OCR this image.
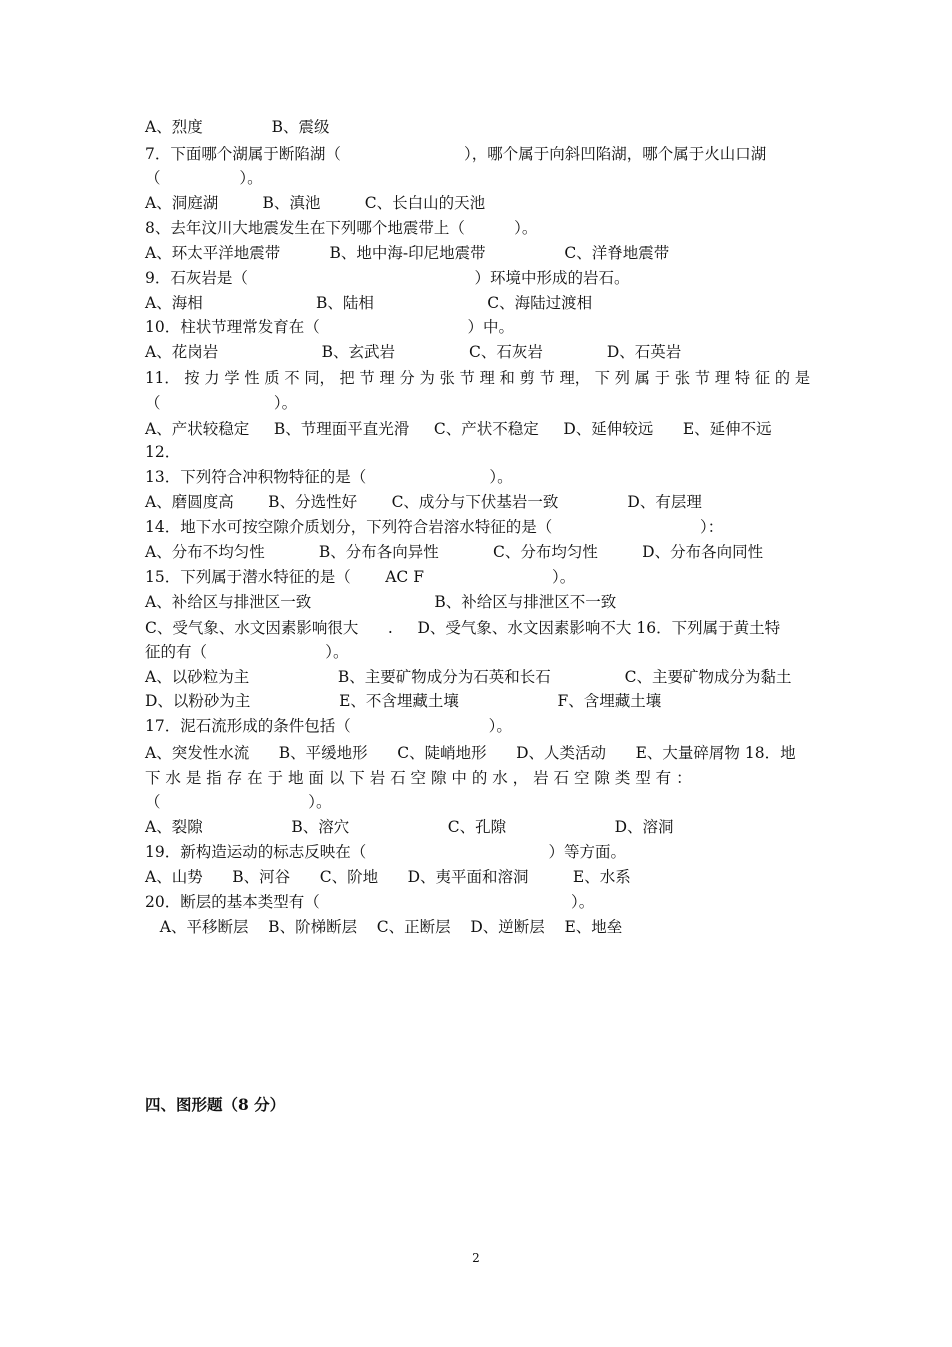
A、烈度              B、震级
7．下面哪个湖属于断陷湖（                         ），哪个属于向斜凹陷湖，哪个属于火山口湖
（                ）。
A、洞庭湖         B、滇池         C、长白山的天池
8、去年汶川大地震发生在下列哪个地震带上（          ）。
A、环太平洋地震带          B、地中海-印尼地震带                C、洋脊地震带
9．石灰岩是（                                              ）环境中形成的岩石。
A、海相                       B、陆相                       C、海陆过渡相
10．柱状节理常发育在（                              ）中。
A、花岗岩                     B、玄武岩               C、石灰岩             D、石英岩
11． 按 力 学 性 质 不 同， 把 节 理 分 为 张 节 理 和 剪 节 理， 下 列 属 于 张 节 理 特 征 的 是
（                       ）。
A、产状较稳定     B、节理面平直光滑     C、产状不稳定     D、延伸较远      E、延伸不远
12．
13．下列符合冲积物特征的是（                         ）。
A、磨圆度高       B、分选性好       C、成分与下伏基岩一致              D、有层理
14．地下水可按空隙介质划分，下列符合岩溶水特征的是（                              ）：
A、分布不均匀性           B、分布各向异性           C、分布均匀性         D、分布各向同性
15．下列属于潜水特征的是（       AC F                          ）。
A、补给区与排泄区一致                         B、补给区与排泄区不一致
C、受气象、水文因素影响很大      .     D、受气象、水文因素影响不大 16．下列属于黄土特
征的有（                        ）。
A、以砂粒为主                  B、主要矿物成分为石英和长石               C、主要矿物成分为黏土
D、以粉砂为主                  E、不含埋藏土壤                    F、含埋藏土壤
17．泥石流形成的条件包括（                            ）。
A、突发性水流      B、平缓地形      C、陡峭地形      D、人类活动      E、大量碎屑物 18．地
下 水 是 指 存 在 于 地 面 以 下 岩 石 空 隙 中 的 水 ， 岩 石 空 隙 类 型 有 ：
（                              ）。
A、裂隙                  B、溶穴                    C、孔隙                      D、溶洞
19．新构造运动的标志反映在（                                     ）等方面。
A、山势      B、河谷      C、阶地      D、夷平面和溶洞         E、水系
20．断层的基本类型有（                                                   ）。
A、平移断层    B、阶梯断层    C、正断层    D、逆断层    E、地垒
四、图形题（8 分）
2
